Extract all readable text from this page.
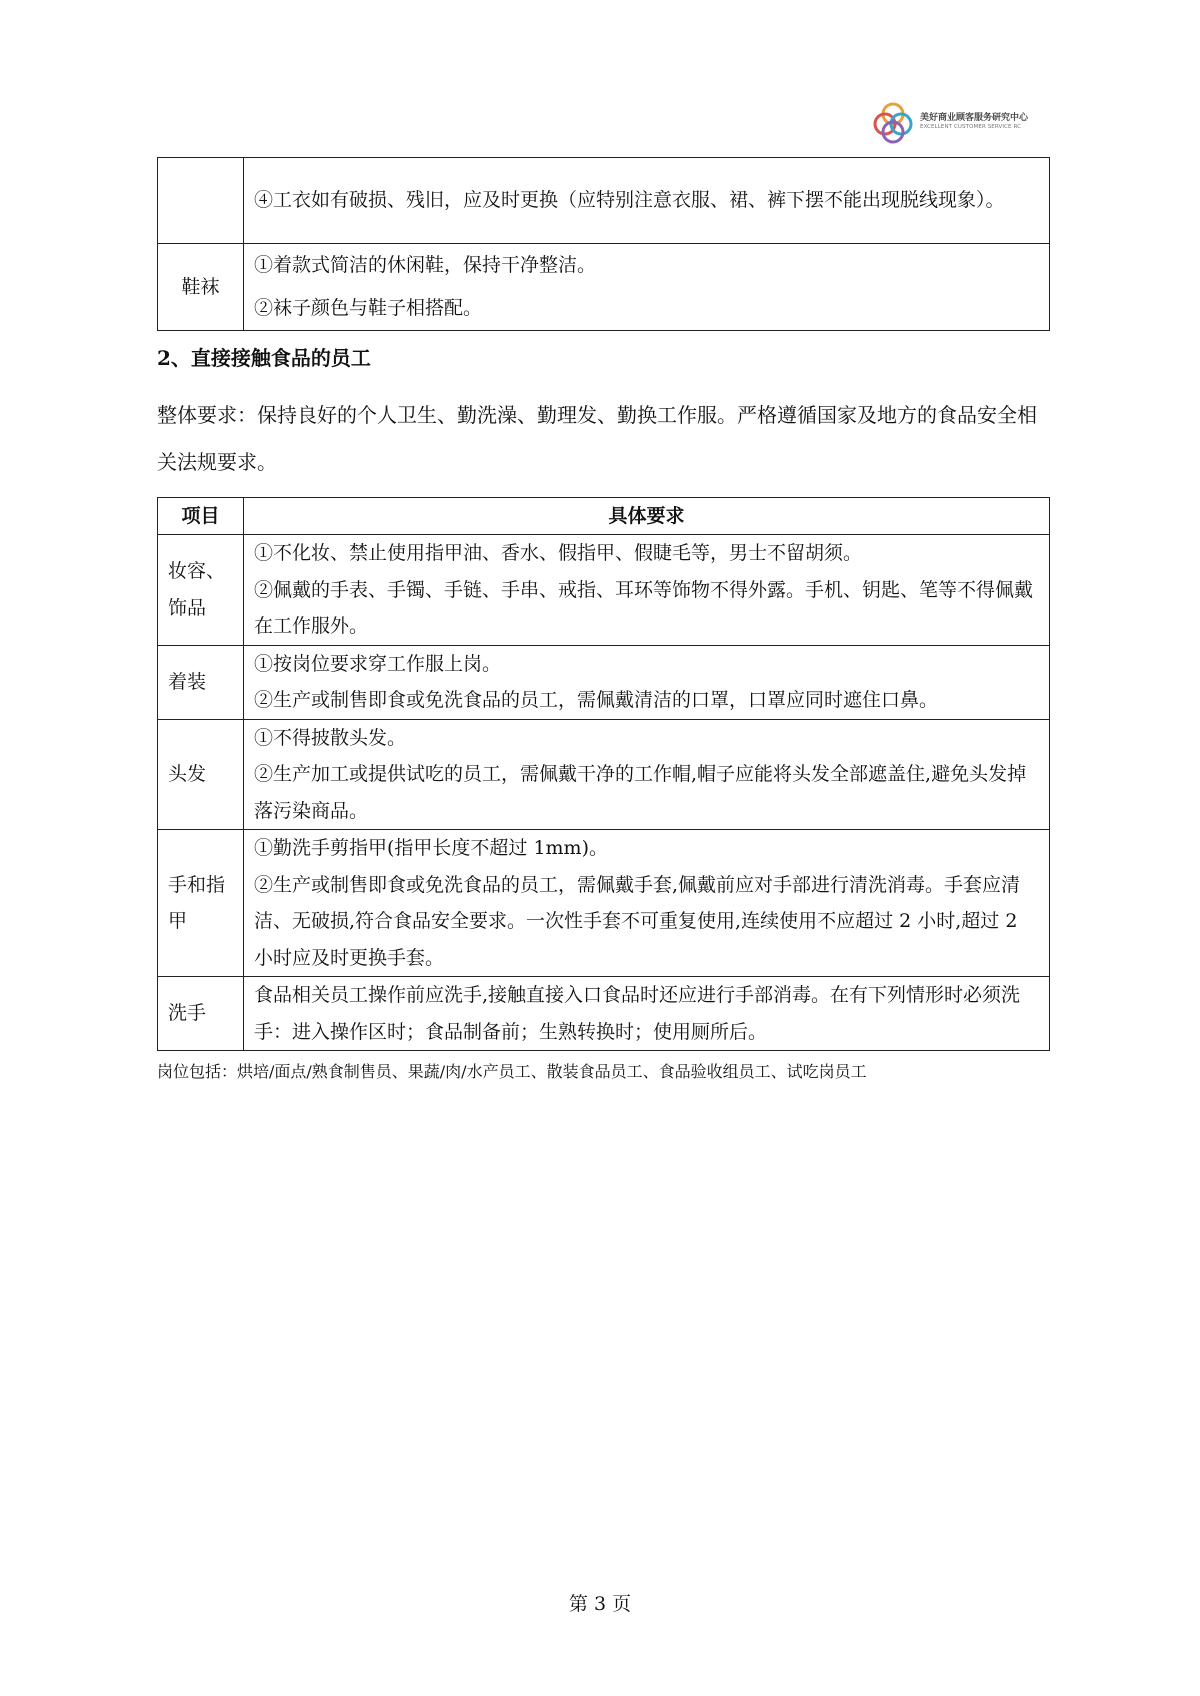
美好商业顾客服务研究中心
EXCELLENT CUSTOMER SERVICE RC

	④工衣如有破损、残旧，应及时更换（应特别注意衣服、裙、裤下摆不能出现脱线现象）。

鞋袜	①着款式简洁的休闲鞋，保持干净整洁。
②袜子颜色与鞋子相搭配。
2、直接接触食品的员工

整体要求：保持良好的个人卫生、勤洗澡、勤理发、勤换工作服。严格遵循国家及地方的食品安全相关法规要求。

项目	具体要求
妆容、饰品	①不化妆、禁止使用指甲油、香水、假指甲、假睫毛等，男士不留胡须。
②佩戴的手表、手镯、手链、手串、戒指、耳环等饰物不得外露。手机、钥匙、笔等不得佩戴在工作服外。

着装	①按岗位要求穿工作服上岗。
②生产或制售即食或免洗食品的员工，需佩戴清洁的口罩，口罩应同时遮住口鼻。

头发	①不得披散头发。
②生产加工或提供试吃的员工，需佩戴干净的工作帽,帽子应能将头发全部遮盖住,避免头发掉落污染商品。

手和指甲	①勤洗手剪指甲(指甲长度不超过 1mm)。
②生产或制售即食或免洗食品的员工，需佩戴手套,佩戴前应对手部进行清洗消毒。手套应清洁、无破损,符合食品安全要求。一次性手套不可重复使用,连续使用不应超过 2 小时,超过 2 小时应及时更换手套。

洗手	食品相关员工操作前应洗手,接触直接入口食品时还应进行手部消毒。在有下列情形时必须洗手：进入操作区时；食品制备前；生熟转换时；使用厕所后。

岗位包括：烘培/面点/熟食制售员、果蔬/肉/水产员工、散装食品员工、食品验收组员工、试吃岗员工

第 3 页
